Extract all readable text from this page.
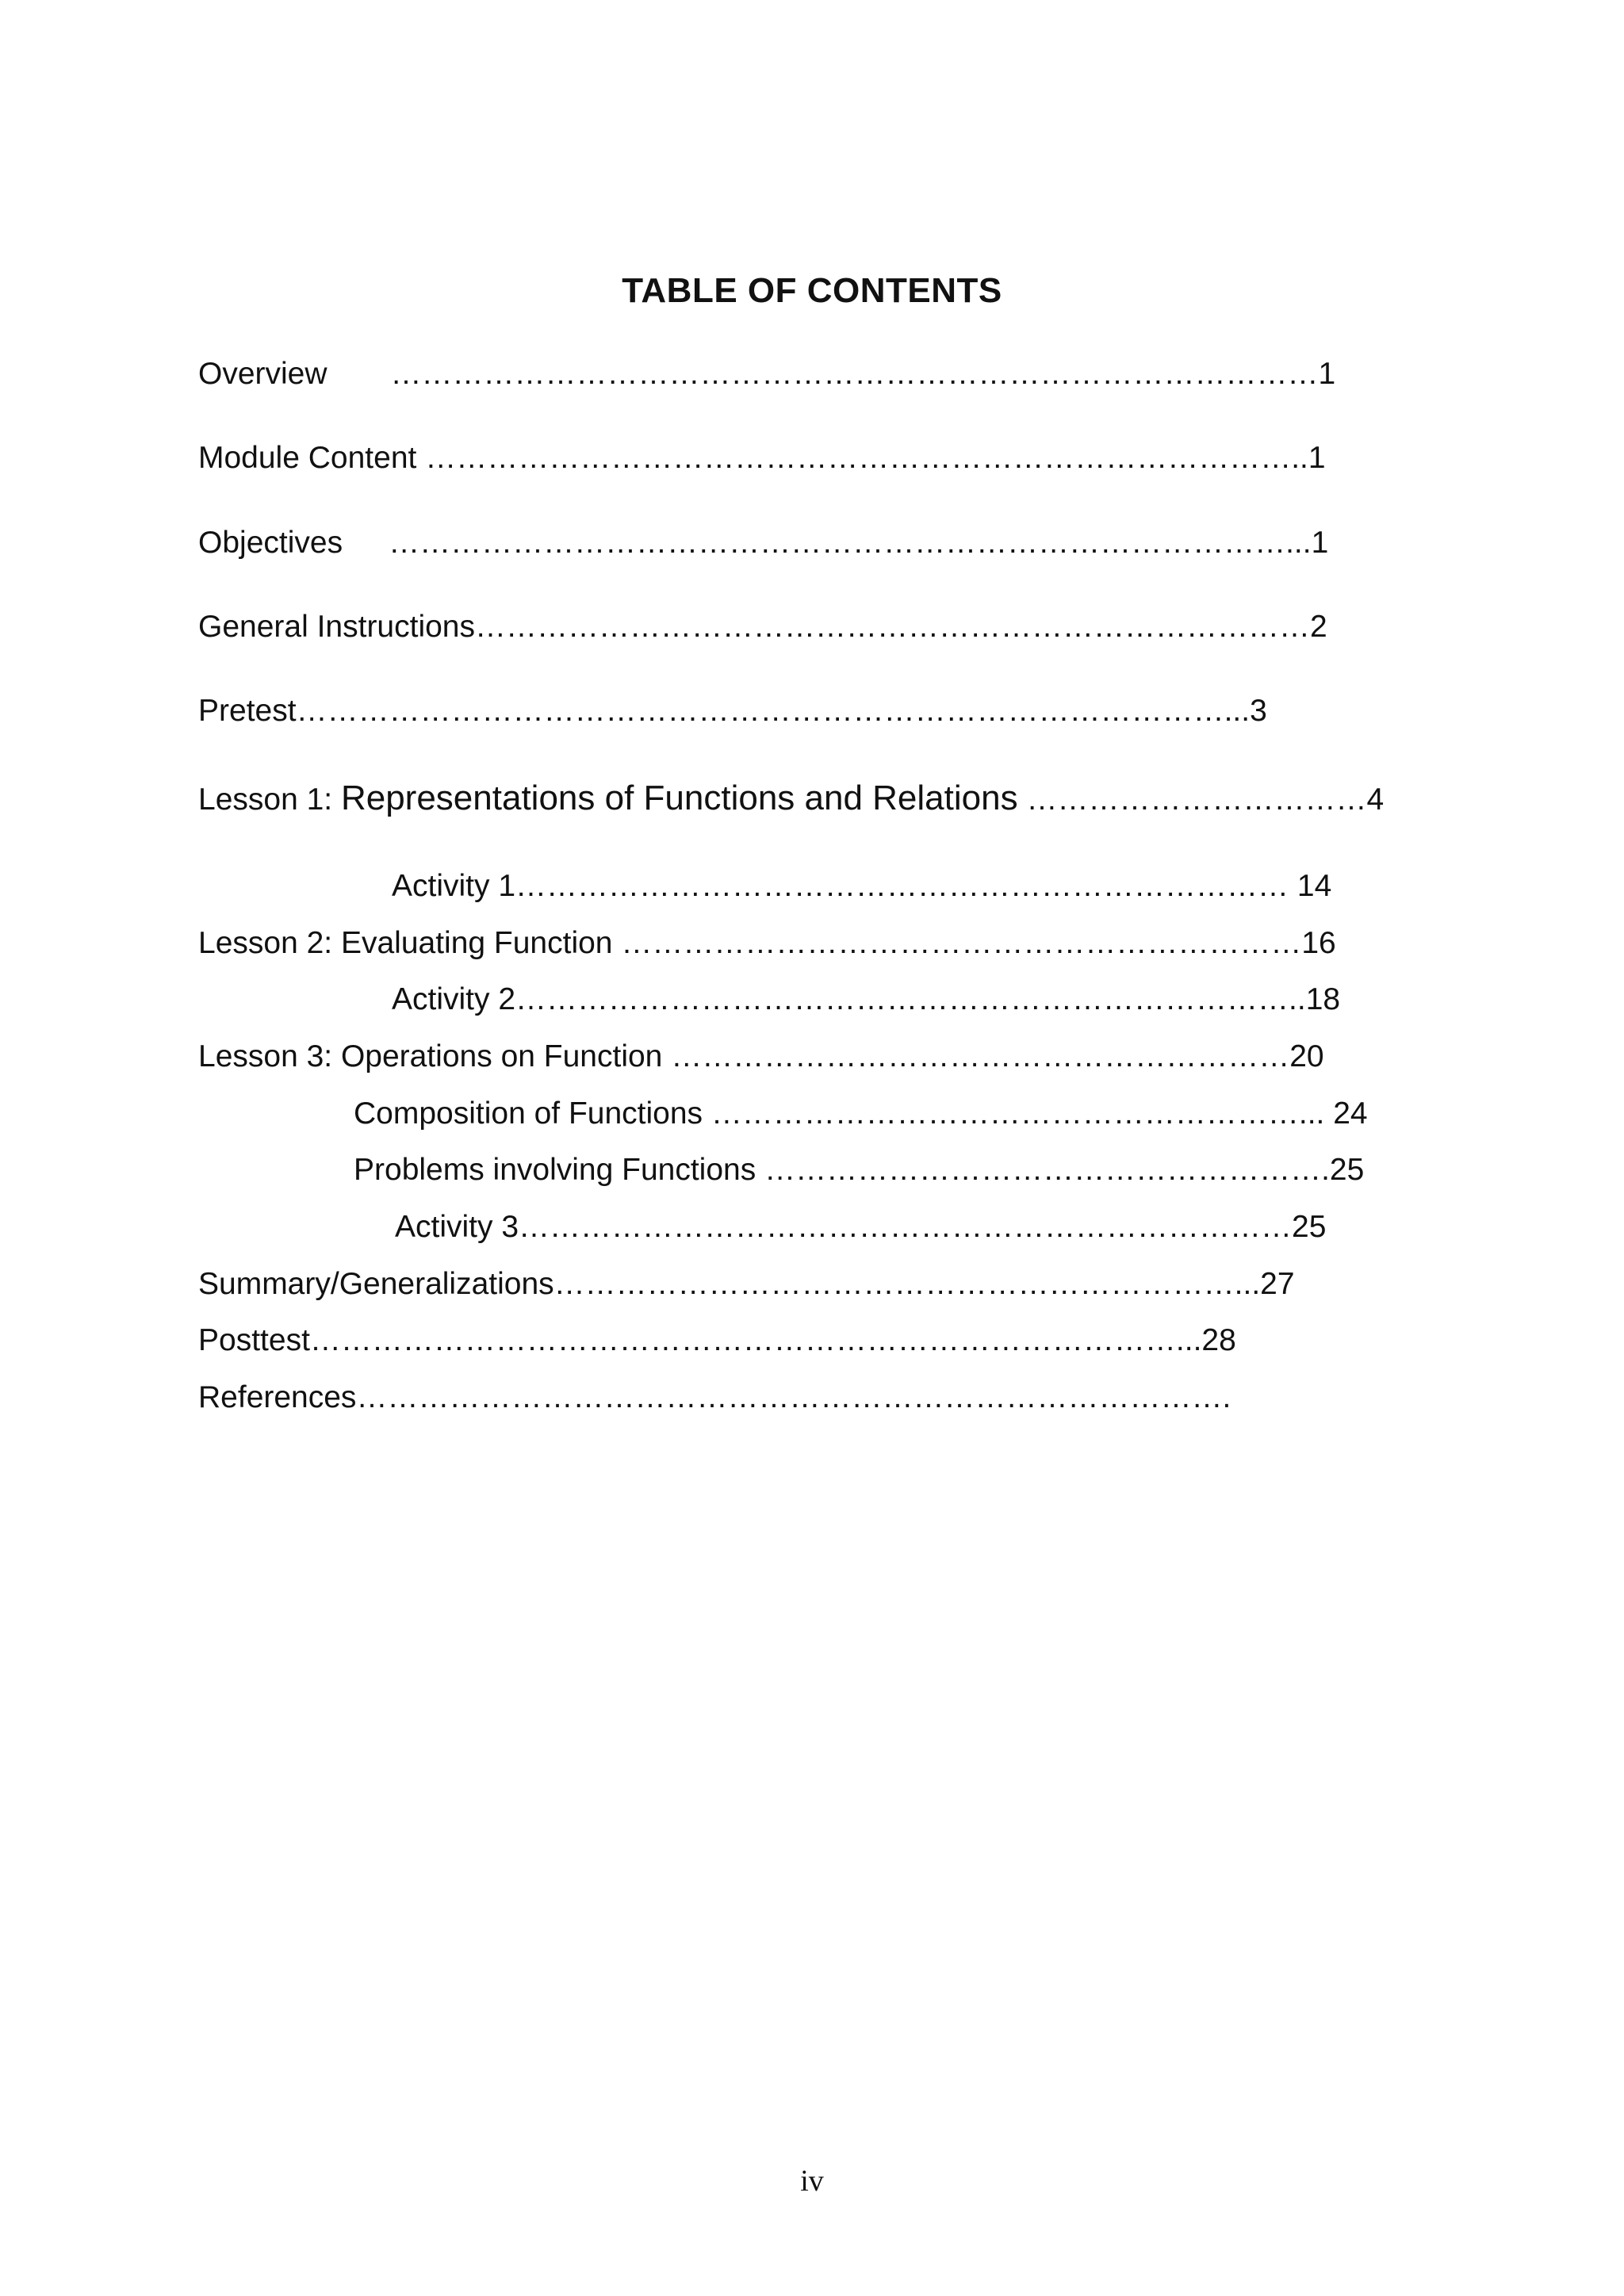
TABLE OF CONTENTS
Overview ………………………………………………………………………………1
Module Content …………………………………………………………………………..1
Objectives ……………………………………………………………………………...1
General Instructions………………………………………………………………………2
Pretest………………………………………………………………………………...3
Lesson 1: Representations of Functions and Relations ……………………………4
Activity 1………………………………………………………………… 14
Lesson 2: Evaluating Function …………………………………………………………16
Activity 2…………………………………………………………………..18
Lesson 3: Operations on Function ……………………………………………………20
Composition of Functions …………………………………………………... 24
Problems involving Functions ……………………………………………….25
Activity 3…………………………………………………………………25
Summary/Generalizations…………………………………………………………...27
Posttest…………………………………………………………………………...28
References………………………………………………………………………….
iv
